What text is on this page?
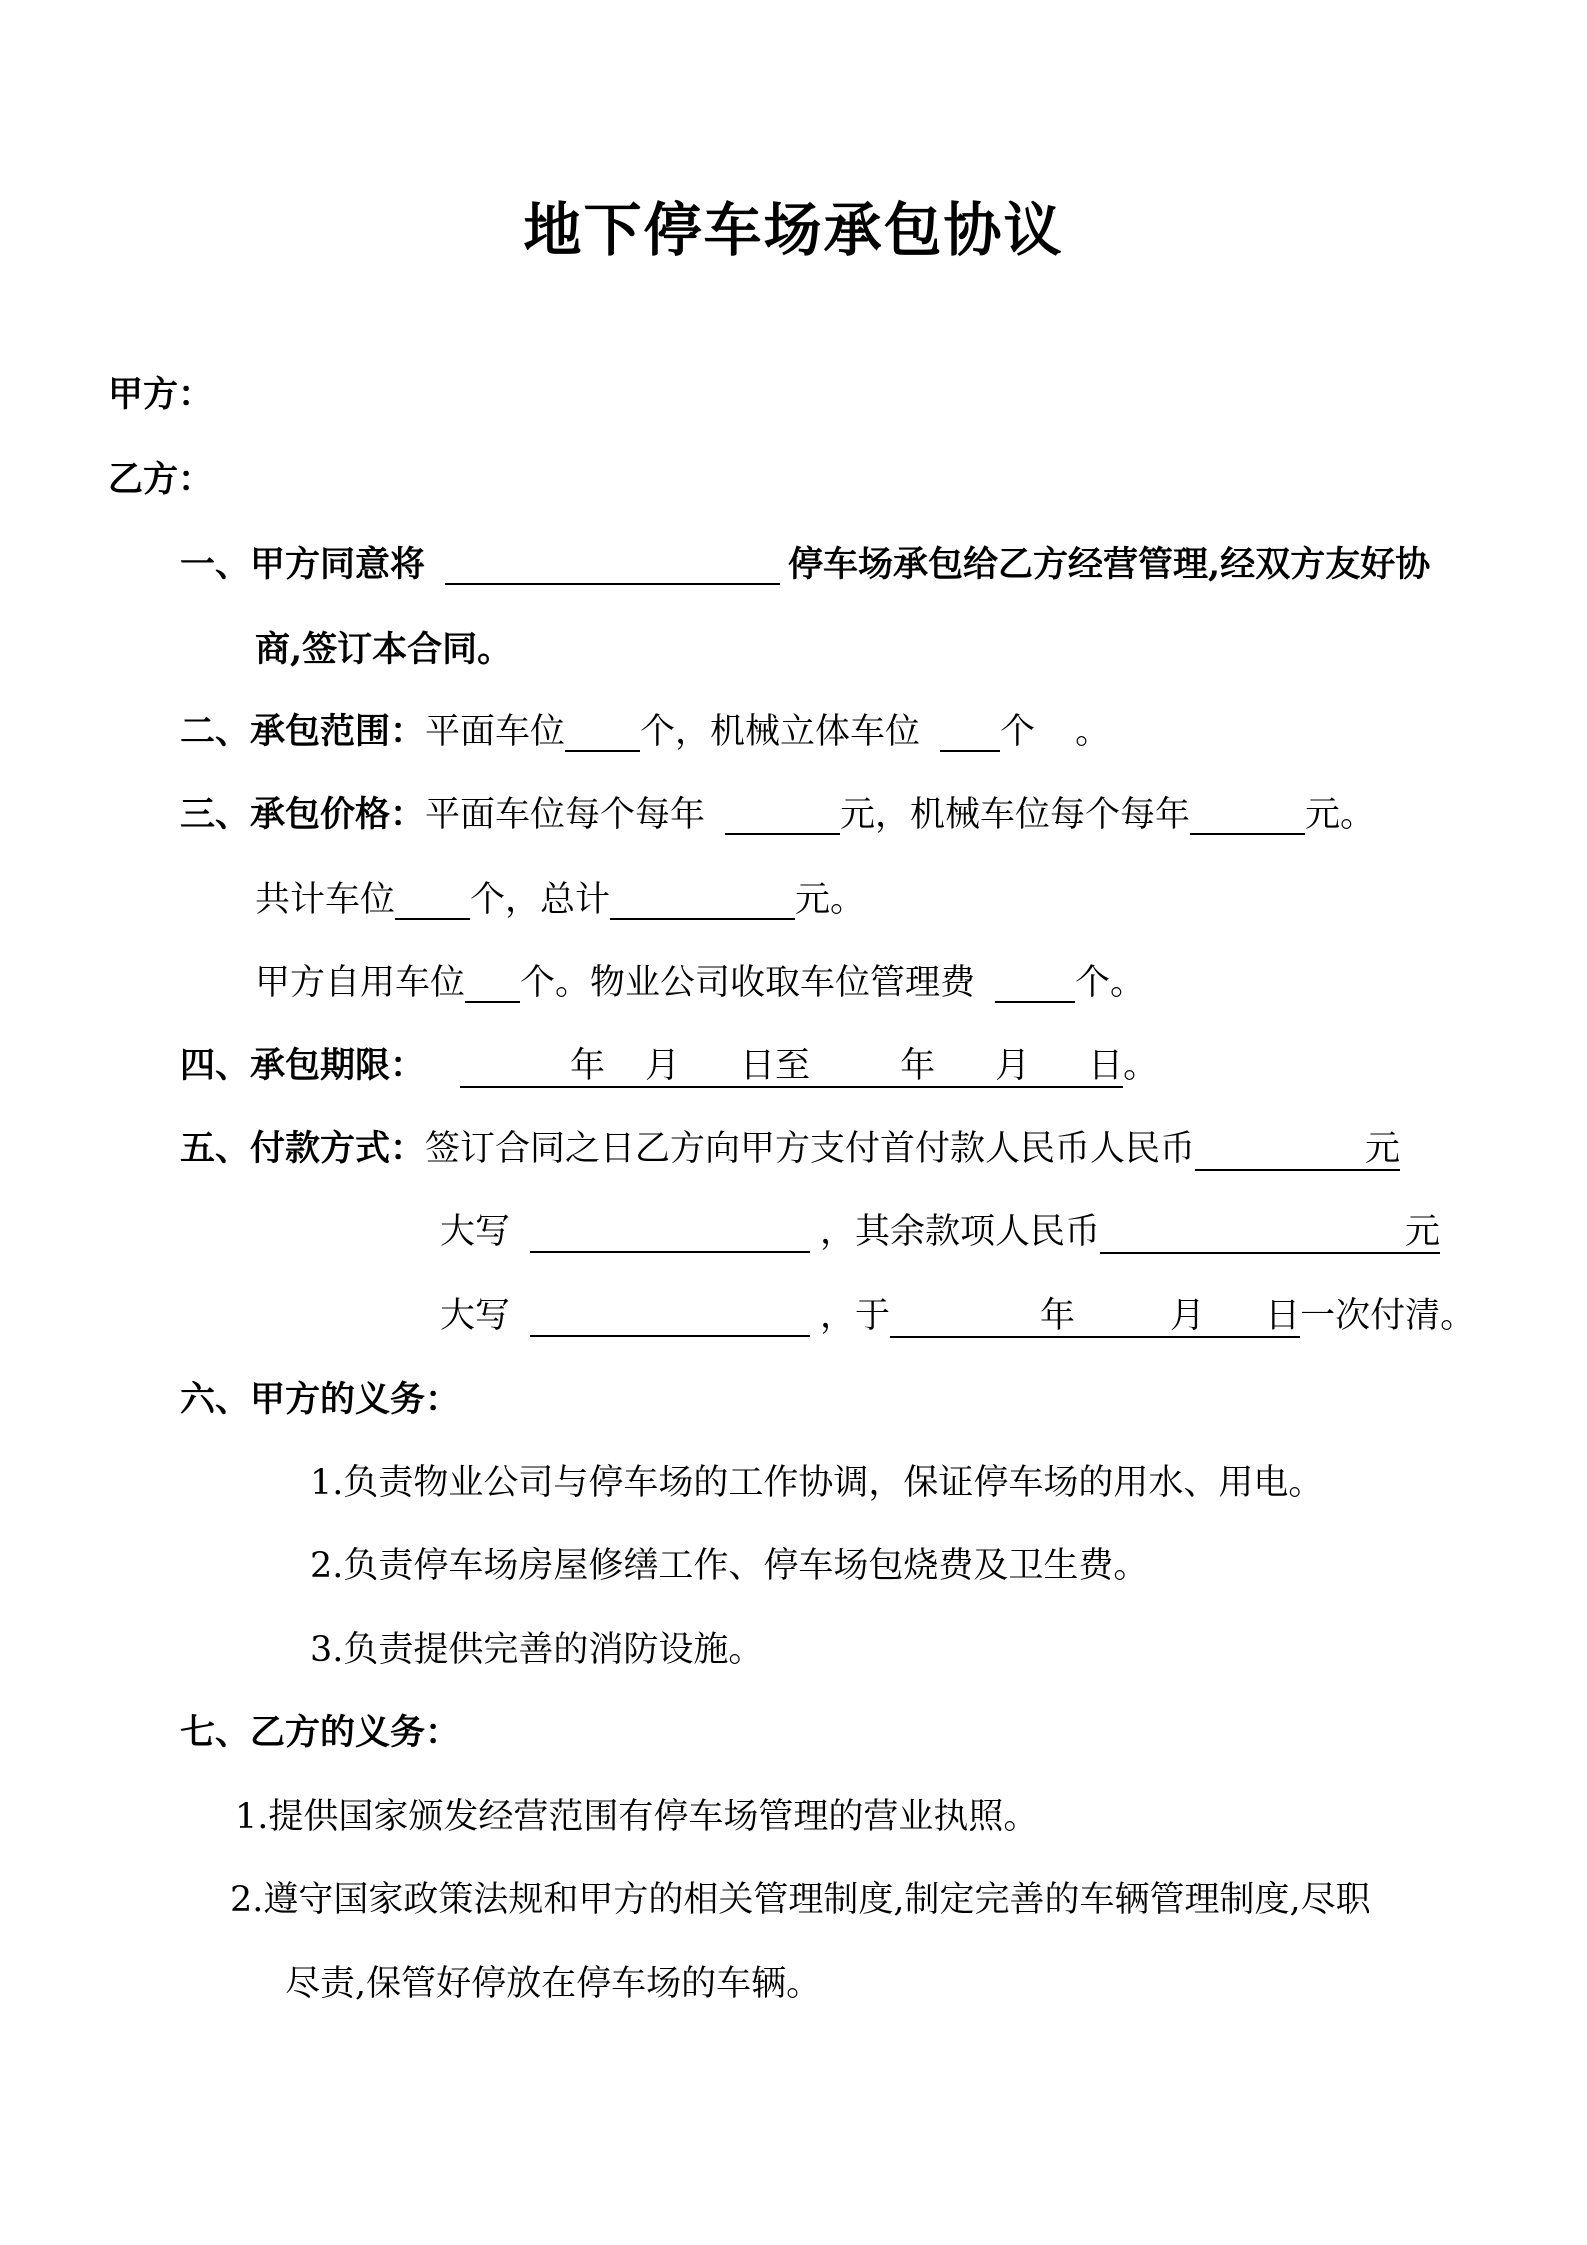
地下停车场承包协议
甲方：
乙方：
一、甲方同意将	停车场承包给乙方经营管理,经双方友好协
商,签订本合同。
二、承包范围：平面车位 个，机械立体车位 个 。
三、承包价格：平面车位每个每年	元，机械车位每个每年	元。
共计车位 个，总计	元。
甲方自用车位 个。物业公司收取车位管理费	个。
四、承包期限：	年 月 日至	年 月 日。
五、付款方式：签订合同之日乙方向甲方支付首付款人民币人民币	元
大写	，其余款项人民币	元
大写	，于	年	月 日一次付清。
六、甲方的义务：
1.负责物业公司与停车场的工作协调，保证停车场的用水、用电。
2.负责停车场房屋修缮工作、停车场包烧费及卫生费。
3.负责提供完善的消防设施。
七、乙方的义务：
1.提供国家颁发经营范围有停车场管理的营业执照。
2.遵守国家政策法规和甲方的相关管理制度,制定完善的车辆管理制度,尽职
尽责,保管好停放在停车场的车辆。
